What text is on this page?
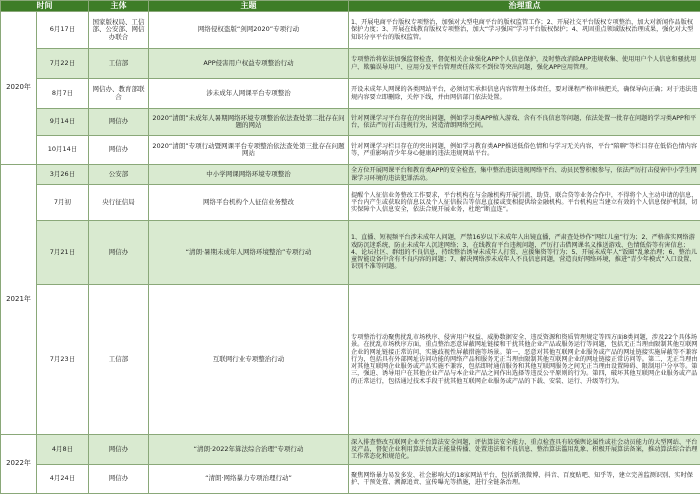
时间		主体	主题	治理重点
2020年	6月17日	国家版权局、工信部、公安部、网信办联合	网络侵权盗版“剑网2020”专项行动	1、开展电商平台版权专项整治，加强对大型电商平台的版权监管工作；2、开展社交平台版权专项整治，加大对新闻作品版权保护力度；3、开展在线教育版权专项整治，加大“学习强国”学习平台版权保护；4、巩固重点领域版权治理成果，强化对大型知识分享平台的版权监管。
	7月22日	工信部	APP侵害用户权益专项整治行动	专项整治将依法加强监督检查，督促相关企业强化APP个人信息保护，及时整改消除APP违规收集、使用用户个人信息和骚扰用户、欺骗误导用户、应用分发平台管理责任落实不到位等突出问题，强化APP应用管理。
	8月7日	网信办、教育部联合	涉未成年人网课平台专项整治	开设未成年人网课的各类网站平台，必须切实承担信息内容管理主体责任，要对课程严格审核把关，确保导向正确；对于违法违规内容要立即删除，关停下线，并由网信部门依法处置。
	9月14日	网信办	2020“清朗”未成年人暑期网络环境专项整治依法查处第二批存在问题的网站	针对网课学习平台存在的突出问题，例如学习类APP植入游戏、含有不良信息等问题，依法处置一批存在问题的学习类APP和平台，依法严厉打击违规行为，营造清朗网络空间。
	10月14日	网信办	2020“清朗”专项行动暨网课平台专项整治依法查处第三批存在问题网站	针对网课学习栏目存在的突出问题，例如学习教育类APP推送低俗色情和与学习无关内容，平台“陪聊”等栏目存在低俗色情内容等，严重影响青少年身心健康的违法违规网站平台。
2021年	3月26日	公安部	中小学网课网络环境专项整治	全方位开展网课平台和教育类APP的安全检查，集中整治违法违规网络平台、动员民警积极参与，依法严厉打击侵害中小学生网课学习环境的违法犯罪活动。
	7月初	央行征信局	网络平台机构个人征信业务整改	提醒个人征信业务整改工作要求，平台机构在与金融机构开展引流、助贷、联合贷等业务合作中，不得将个人主动申请的信息、平台内产生或获取的信息以及个人征信报告等信息直接或变相提供给金融机构。平台机构应当建立有效的个人信息保护机制，切实保障个人信息安全，依法合规开展业务，杜绝“断直连”。
	7月21日	网信办	“清朗·暑期未成年人网络环境整治”专项行动	1、直播、短视频平台涉未成年人问题，严禁16岁以下未成年人出镜直播，严肃查处炒作“网红儿童”行为；2、严格落实网络游戏防沉迷系统，防止未成年人沉迷网络；3、在线教育平台违规问题，严厉打击借网课名义推送游戏、色情低俗等有害信息；4、论坛社区、群组的不良信息，持续整治诱导未成年人打赏、应援集资等行为；5、开展未成年人“饭圈”乱象治理；6、整治儿童智能设备中含有不良内容的问题；7、解决网络涉未成年人不良信息问题，营造良好网络环境，推进“青少年模式”入口设置、识别不准等问题。
	7月23日	工信部	互联网行业专项整治行动	专项整治行动聚焦扰乱市场秩序、侵害用户权益、威胁数据安全、违反资源和资质管理规定等四方面8类问题，涉及22个具体场景。在扰乱市场秩序方面，重点整治恶意屏蔽网址链接和干扰其他企业产品或服务运行等问题，包括无正当理由限制其他互联网企业的网址链接正常访问、实施歧视性屏蔽措施等场景。第一，恶意对其他互联网企业服务或产品的网址链接实施屏蔽等不兼容行为，包括具有外部网址访问功能的网络产品和服务无正当理由限制其他互联网企业的网址链接正常访问等。第二，无正当理由对其他互联网企业服务或产品实施不兼容，包括即时通信服务和其他互联网服务之间无正当理由设置障碍、限制用户分享等。第三，强迫、诱导用户在其他企业产品与本企业产品之间作出选择等违反公平原则的行为。第四，破坏其他互联网企业服务或产品的正常运行，包括通过技术手段干扰其他互联网企业服务或产品的下载、安装、运行、升级等行为。
2022年	4月8日	网信办	“清朗·2022年算法综合治理”专项行动	深入排查整改互联网企业平台算法安全问题，评估算法安全能力，重点检查具有较强舆论属性或社会动员能力的大型网站、平台及产品，督促企业利用算法加大正能量传播、处置违法和不良信息、整治算法滥用乱象、积极开展算法备案，推动算法综合治理工作常态化和规范化。
	4月24日	网信办	“清朗·网络暴力专项治理行动”	聚焦网络暴力易发多发、社会影响大的18家网站平台，包括新浪微博、抖音、百度贴吧、知乎等，建立完善监测识别、实时保护、干预处置、溯源追责、宣传曝光等措施，进行全链条治理。
